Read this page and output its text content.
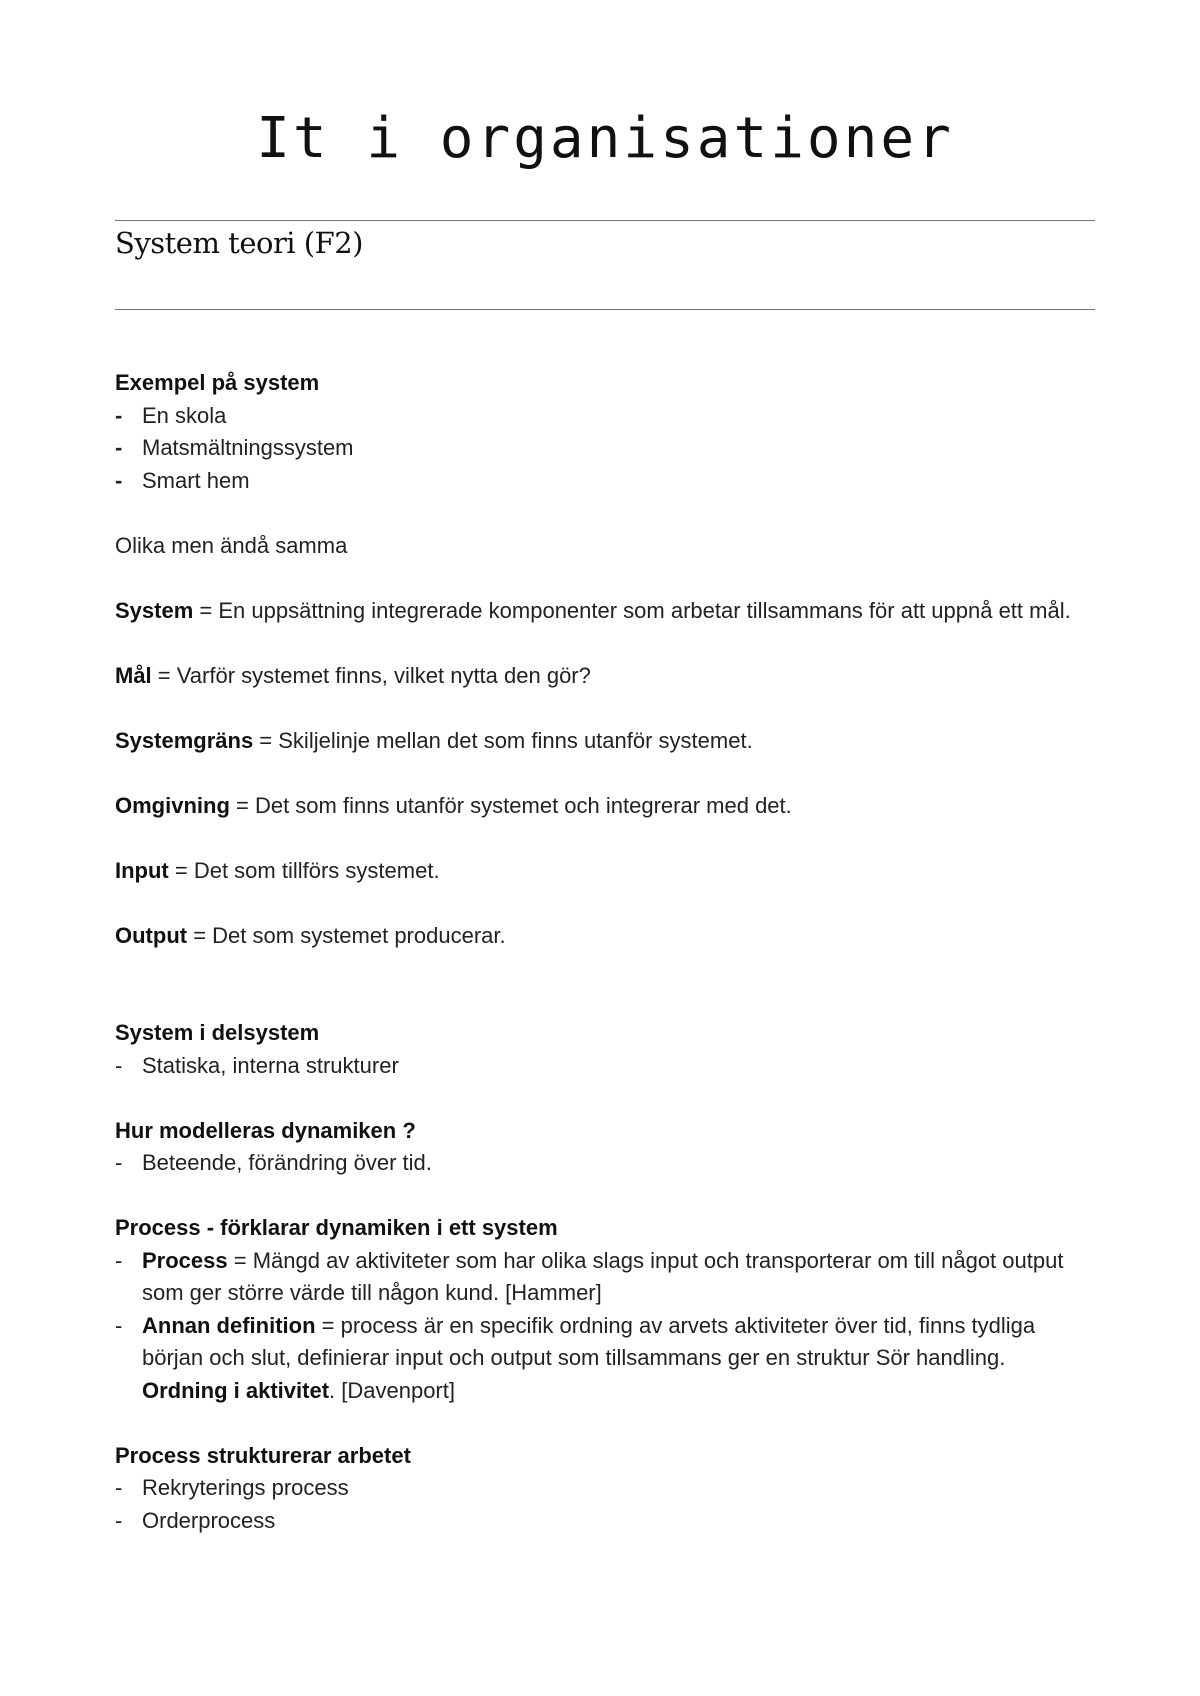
It i organisationer
System teori (F2)

Exempel på system

- En skola
- Matsmältningssystem
- Smart hem

Olika men ändå samma

System = En uppsättning integrerade komponenter som arbetar tillsammans för att uppnå ett mål.

Mål = Varför systemet finns, vilket nytta den gör?

Systemgräns = Skiljelinje mellan det som finns utanför systemet.

Omgivning = Det som finns utanför systemet och integrerar med det.

Input = Det som tillförs systemet.

Output = Det som systemet producerar.

System i delsystem

- Statiska, interna strukturer

Hur modelleras dynamiken ?

- Beteende, förändring över tid.

Process - förklarar dynamiken i ett system

- Process = Mängd av aktiviteter som har olika slags input och transporterar om till något output som ger större värde till någon kund. [Hammer]
- Annan definition = process är en specifik ordning av arvets aktiviteter över tid, finns tydliga början och slut, definierar input och output som tillsammans ger en struktur Sör handling. Ordning i aktivitet. [Davenport]

Process strukturerar arbetet

- Rekryterings process
- Orderprocess
